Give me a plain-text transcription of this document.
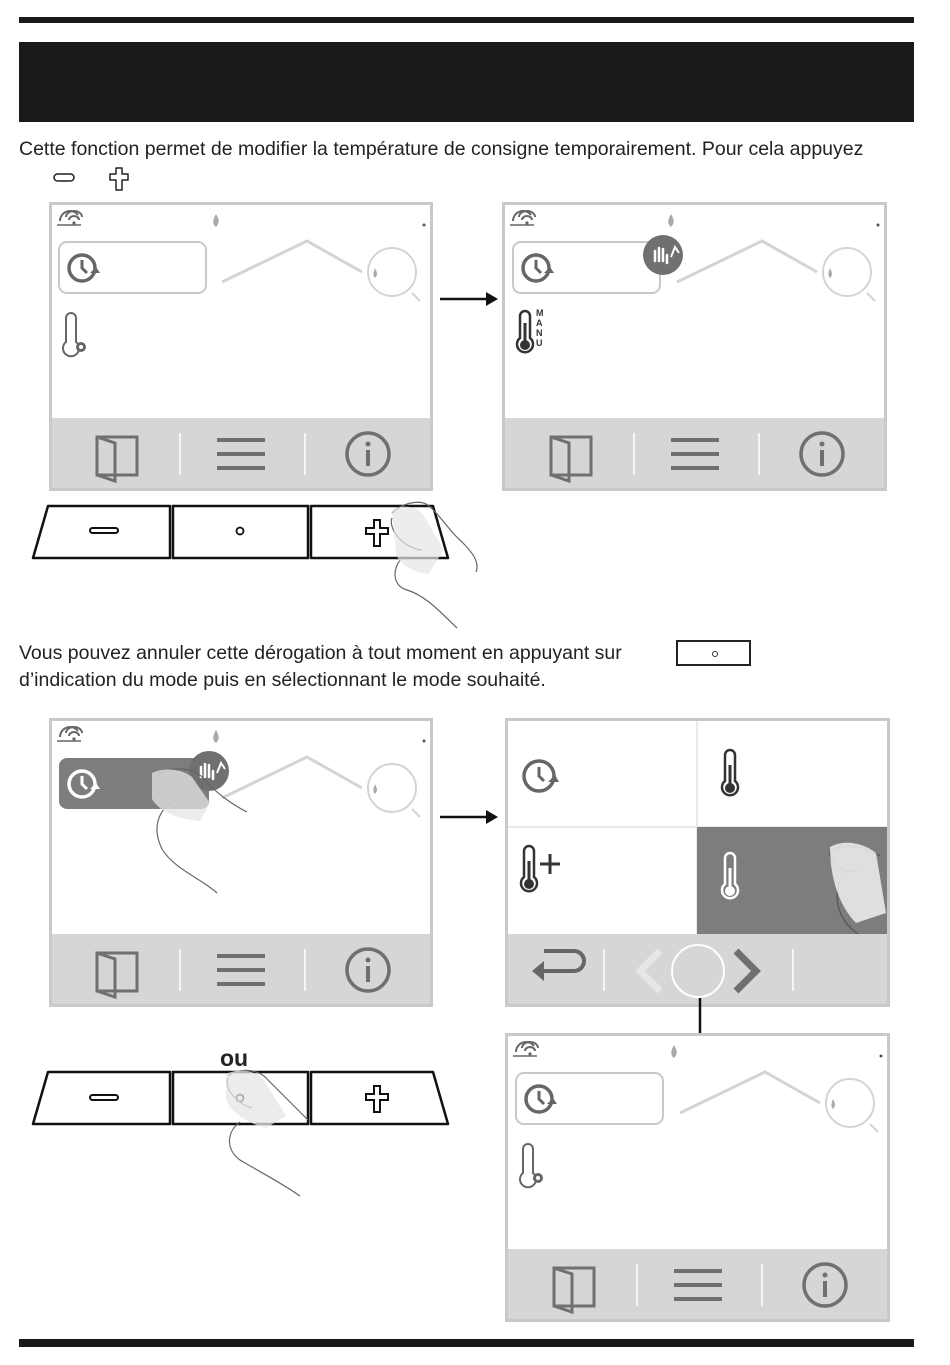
Cette fonction permet de modifier la température de consigne temporairement. Pour cela appuyez

M
A
N
U

Vous pouvez annuler cette dérogation à tout moment en appuyant sur

d’indication du mode puis en sélectionnant le mode souhaité.

ou
